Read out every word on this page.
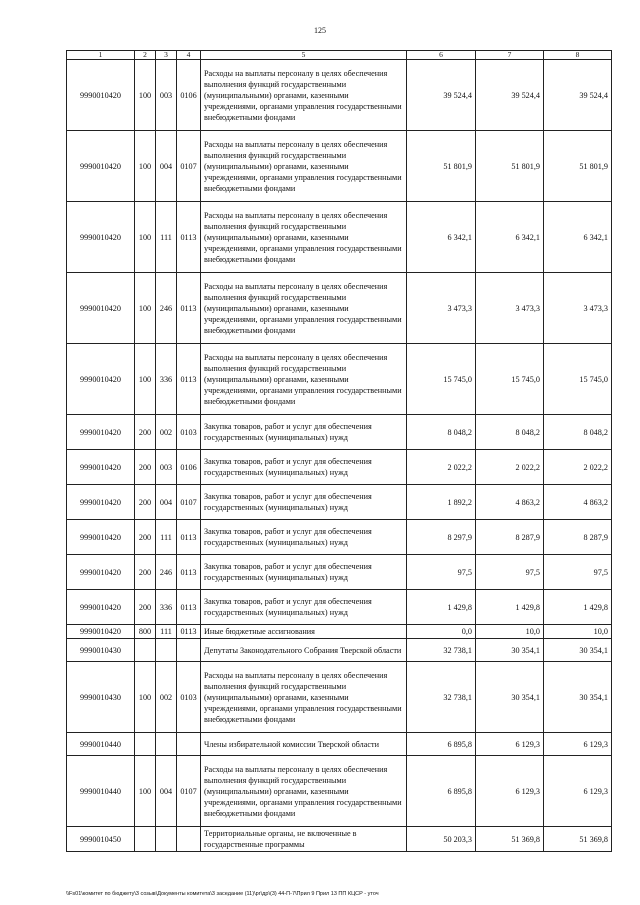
125
1	2	3	4	5	6	7	8
9990010420	100	003	0106	Расходы на выплаты персоналу в целях обеспечения выполнения функций государственными (муниципальными) органами, казенными учреждениями, органами управления государственными внебюджетными фондами	39 524,4	39 524,4	39 524,4
9990010420	100	004	0107	Расходы на выплаты персоналу в целях обеспечения выполнения функций государственными (муниципальными) органами, казенными учреждениями, органами управления государственными внебюджетными фондами	51 801,9	51 801,9	51 801,9
9990010420	100	111	0113	Расходы на выплаты персоналу в целях обеспечения выполнения функций государственными (муниципальными) органами, казенными учреждениями, органами управления государственными внебюджетными фондами	6 342,1	6 342,1	6 342,1
9990010420	100	246	0113	Расходы на выплаты персоналу в целях обеспечения выполнения функций государственными (муниципальными) органами, казенными учреждениями, органами управления государственными внебюджетными фондами	3 473,3	3 473,3	3 473,3
9990010420	100	336	0113	Расходы на выплаты персоналу в целях обеспечения выполнения функций государственными (муниципальными) органами, казенными учреждениями, органами управления государственными внебюджетными фондами	15 745,0	15 745,0	15 745,0
9990010420	200	002	0103	Закупка товаров, работ и услуг для обеспечения государственных (муниципальных) нужд	8 048,2	8 048,2	8 048,2
9990010420	200	003	0106	Закупка товаров, работ и услуг для обеспечения государственных (муниципальных) нужд	2 022,2	2 022,2	2 022,2
9990010420	200	004	0107	Закупка товаров, работ и услуг для обеспечения государственных (муниципальных) нужд	1 892,2	4 863,2	4 863,2
9990010420	200	111	0113	Закупка товаров, работ и услуг для обеспечения государственных (муниципальных) нужд	8 297,9	8 287,9	8 287,9
9990010420	200	246	0113	Закупка товаров, работ и услуг для обеспечения государственных (муниципальных) нужд	97,5	97,5	97,5
9990010420	200	336	0113	Закупка товаров, работ и услуг для обеспечения государственных (муниципальных) нужд	1 429,8	1 429,8	1 429,8
9990010420	800	111	0113	Иные бюджетные ассигнования	0,0	10,0	10,0
9990010430				Депутаты Законодательного Собрания Тверской области	32 738,1	30 354,1	30 354,1
9990010430	100	002	0103	Расходы на выплаты персоналу в целях обеспечения выполнения функций государственными (муниципальными) органами, казенными учреждениями, органами управления государственными внебюджетными фондами	32 738,1	30 354,1	30 354,1
9990010440				Члены избирательной комиссии Тверской области	6 895,8	6 129,3	6 129,3
9990010440	100	004	0107	Расходы на выплаты персоналу в целях обеспечения выполнения функций государственными (муниципальными) органами, казенными учреждениями, органами управления государственными внебюджетными фондами	6 895,8	6 129,3	6 129,3
9990010450				Территориальные органы, не включенные в государственные программы	50 203,3	51 369,8	51 369,8
\\Fs01\комитет по бюджету\3 созыв\Документы комитета\3 заседание (11)\рг\др\(3) 44-П-7\Прил 9 Прил 13 ПП КЦСР - уточ
